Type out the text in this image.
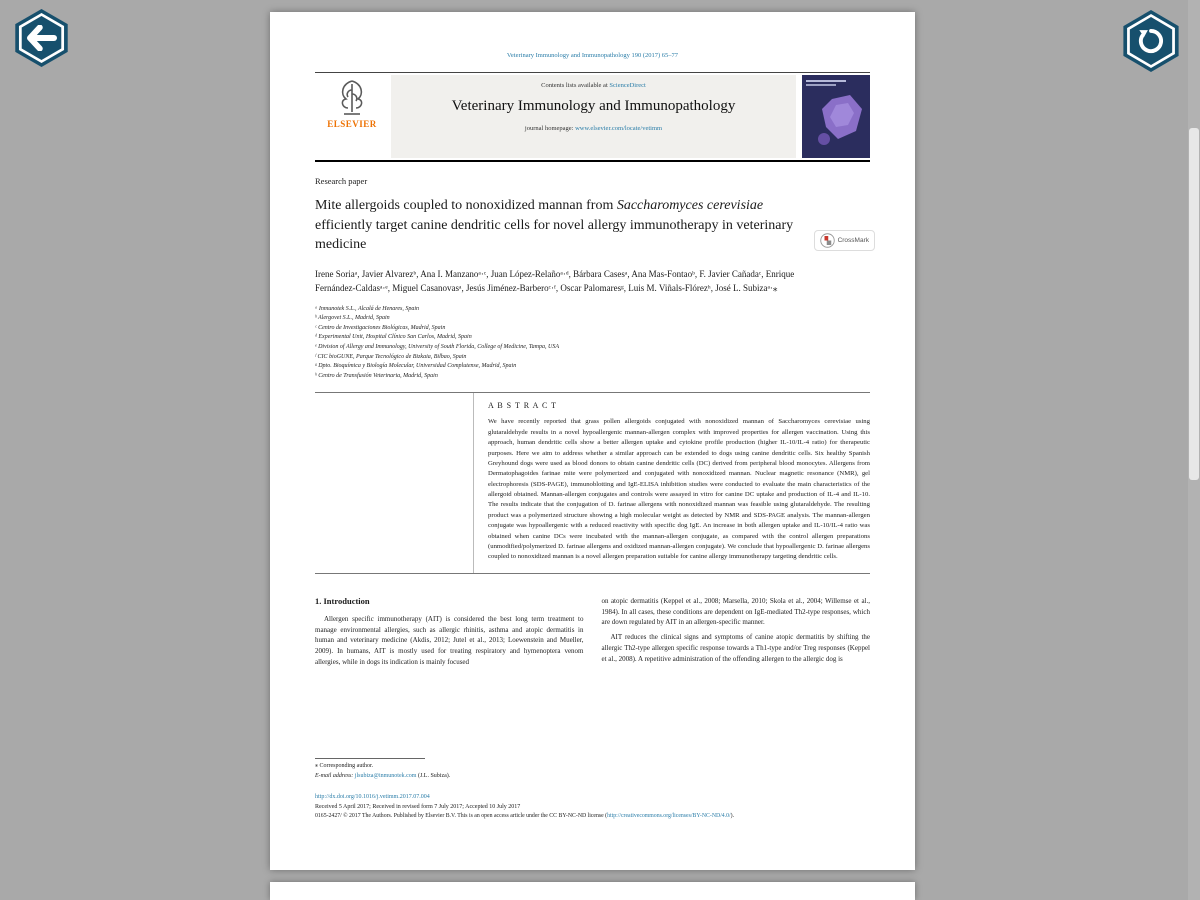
Veterinary Immunology and Immunopathology 190 (2017) 65–77
ELSEVIER
Contents lists available at ScienceDirect
Veterinary Immunology and Immunopathology
journal homepage: www.elsevier.com/locate/vetimm
Research paper
Mite allergoids coupled to nonoxidized mannan from Saccharomyces cerevisiae efficiently target canine dendritic cells for novel allergy immunotherapy in veterinary medicine	CrossMark
Irene Soriaᵃ, Javier Alvarezᵇ, Ana I. Manzanoᵃ·ᶜ, Juan López-Relañoᵃ·ᵈ, Bárbara Casesᵃ, Ana Mas-Fontaoᵇ, F. Javier Cañadaᶜ, Enrique Fernández-Caldasᵃ·ᵉ, Miguel Casanovasᵃ, Jesús Jiménez-Barberoᶜ·ᶠ, Oscar Palomaresᵍ, Luis M. Viñals-Flórezʰ, José L. Subizaᵃ·⁎
ᵃ Inmunotek S.L., Alcalá de Henares, Spain
ᵇ Alergovet S.L., Madrid, Spain
ᶜ Centro de Investigaciones Biológicas, Madrid, Spain
ᵈ Experimental Unit, Hospital Clínico San Carlos, Madrid, Spain
ᵉ Division of Allergy and Immunology, University of South Florida, College of Medicine, Tampa, USA
ᶠ CIC bioGUNE, Parque Tecnológico de Bizkaia, Bilbao, Spain
ᵍ Dpto. Bioquímica y Biología Molecular, Universidad Complutense, Madrid, Spain
ʰ Centro de Transfusión Veterinaria, Madrid, Spain
A B S T R A C T
We have recently reported that grass pollen allergoids conjugated with nonoxidized mannan of Saccharomyces cerevisiae using glutaraldehyde results in a novel hypoallergenic mannan-allergen complex with improved properties for allergen vaccination. Using this approach, human dendritic cells show a better allergen uptake and cytokine profile production (higher IL-10/IL-4 ratio) for therapeutic purposes. Here we aim to address whether a similar approach can be extended to dogs using canine dendritic cells. Six healthy Spanish Greyhound dogs were used as blood donors to obtain canine dendritic cells (DC) derived from peripheral blood monocytes. Allergens from Dermatophagoides farinae mite were polymerized and conjugated with nonoxidized mannan. Nuclear magnetic resonance (NMR), gel electrophoresis (SDS-PAGE), immunoblotting and IgE-ELISA inhibition studies were conducted to evaluate the main characteristics of the allergoid obtained. Mannan-allergen conjugates and controls were assayed in vitro for canine DC uptake and production of IL-4 and IL-10. The results indicate that the conjugation of D. farinae allergens with nonoxidized mannan was feasible using glutaraldehyde. The resulting product was a polymerized structure showing a high molecular weight as detected by NMR and SDS-PAGE analysis. The mannan-allergen conjugate was hypoallergenic with a reduced reactivity with specific dog IgE. An increase in both allergen uptake and IL-10/IL-4 ratio was obtained when canine DCs were incubated with the mannan-allergen conjugate, as compared with the control allergen preparations (unmodified/polymerized D. farinae allergens and oxidized mannan-allergen conjugate). We conclude that hypoallergenic D. farinae allergens coupled to nonoxidized mannan is a novel allergen preparation suitable for canine allergy immunotherapy targeting dendritic cells.
1. Introduction

Allergen specific immunotherapy (AIT) is considered the best long term treatment to manage environmental allergies, such as allergic rhinitis, asthma and atopic dermatitis in human and veterinary medicine (Akdis, 2012; Jutel et al., 2013; Loewenstein and Mueller, 2009). In humans, AIT is mostly used for treating respiratory and hymenoptera venom allergies, while in dogs its indication is mainly focused

on atopic dermatitis (Keppel et al., 2008; Marsella, 2010; Skola et al., 2004; Willemse et al., 1984). In all cases, these conditions are dependent on IgE-mediated Th2-type responses, which are down regulated by AIT in an allergen-specific manner.

AIT reduces the clinical signs and symptoms of canine atopic dermatitis by shifting the allergic Th2-type allergen specific response towards a Th1-type and/or Treg responses (Keppel et al., 2008). A repetitive administration of the offending allergen to the allergic dog is

⁎ Corresponding author.
E-mail address: jlsubiza@inmunotek.com (J.L. Subiza).
http://dx.doi.org/10.1016/j.vetimm.2017.07.004
Received 5 April 2017; Received in revised form 7 July 2017; Accepted 10 July 2017
0165-2427/ © 2017 The Authors. Published by Elsevier B.V. This is an open access article under the CC BY-NC-ND license (http://creativecommons.org/licenses/BY-NC-ND/4.0/).
